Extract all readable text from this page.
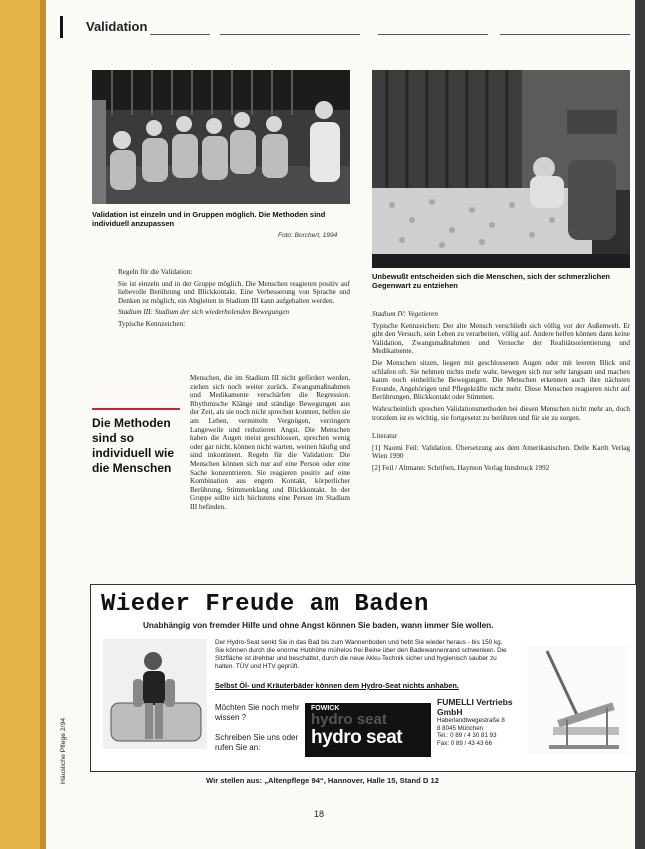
Validation
Validation ist einzeln und in Gruppen möglich. Die Methoden sind individuell anzupassen
Foto: Borchert, 1994
Unbewußt entscheiden sich die Menschen, sich der schmerzlichen Gegenwart zu entziehen

Regeln für die Validation:

Sie ist einzeln und in der Gruppe möglich. Die Menschen reagieren positiv auf liebevolle Berührung und Blickkontakt. Eine Verbesserung von Sprache und Denken ist möglich, ein Abgleiten in Stadium III kann aufgehalten werden.

Stadium III: Stadium der sich wiederholenden Bewegungen

Typische Kennzeichen:

Menschen, die im Stadium III nicht gefördert werden, ziehen sich noch weiter zurück. Zwangsmaßnahmen und Medikamente verschärfen die Regression. Rhythmische Klänge und ständige Bewegungen aus der Zeit, als sie noch nicht sprechen konnten, helfen sie am Leben, vermitteln Vergnügen, verringern Langeweile und reduzieren Angst. Die Menschen haben die Augen meist geschlossen, sprechen wenig oder gar nicht, können nicht warten, weinen häufig und sind inkontinent. Regeln für die Validation: Die Menschen können sich nur auf eine Person oder eine Sache konzentrieren. Sie reagieren positiv auf eine Kombination aus engem Kontakt, körperlicher Berührung, Stimmenklang und Blickkontakt. In der Gruppe sollte sich höchstens eine Person im Stadium III befinden.

Die Methoden sind so individuell wie die Menschen

Stadium IV: Vegetieren

Typische Kennzeichen: Der alte Mensch verschließt sich völlig vor der Außenwelt. Er gibt den Versuch, sein Leben zu verarbeiten, völlig auf. Andere helfen können dann keine Validation, Zwangsmaßnahmen und Versuche der Realitätsorientierung und Medikamente.

Die Menschen sitzen, liegen mit geschlossenen Augen oder mit leerem Blick und schlafen oft. Sie nehmen nichts mehr wahr, bewegen sich nur sehr langsam und machen kaum noch einheitliche Bewegungen. Die Menschen erkennen auch ihre nächsten Freunde, Angehörigen und Pflegekräfte nicht mehr. Diese Menschen reagieren nicht auf Berührungen, Blickkontakt oder Stimmen.

Wahrscheinlich sprechen Validationsmethoden bei diesen Menschen nicht mehr an, doch trotzdem ist es wichtig, sie fortgesetzt zu berühren und für sie zu sorgen.

Literatur

[1] Naomi Feil: Validation. Übersetzung aus dem Amerikanischen. Delle Karth Verlag Wien 1990

[2] Feil / Altmann: Schriften, Haymon Verlag Innsbruck 1992

Wieder Freude am Baden
Unabhängig von fremder Hilfe und ohne Angst können Sie baden, wann immer Sie wollen.
Der Hydro-Seat senkt Sie in das Bad bis zum Wannenboden und hebt Sie wieder heraus - bis 150 kg. Sie können durch die enorme Hubhöhe mühelos frei Beine über den Badewannenrand schwenken. Die Sitzfläche ist drehbar und beschattet, durch die neue Akku-Technik sicher und hygienisch sauber zu halten. TÜV und HTV geprüft.
Selbst Öl- und Kräuterbäder können dem Hydro-Seat nichts anhaben.
Möchten Sie noch mehr wissen ?
Schreiben Sie uns oder rufen Sie an:
FOWICK
hydro seat
hydro seat
FUMELLI Vertriebs GmbH
Haberlandtwegestraße 8
8 8045 München
Tel.: 0 89 / 4 30 81 93
Fax: 0 89 / 43 43 66
Wir stellen aus: „Altenpflege 94“, Hannover, Halle 15, Stand D 12
Häusliche Pflege 2/94
18
